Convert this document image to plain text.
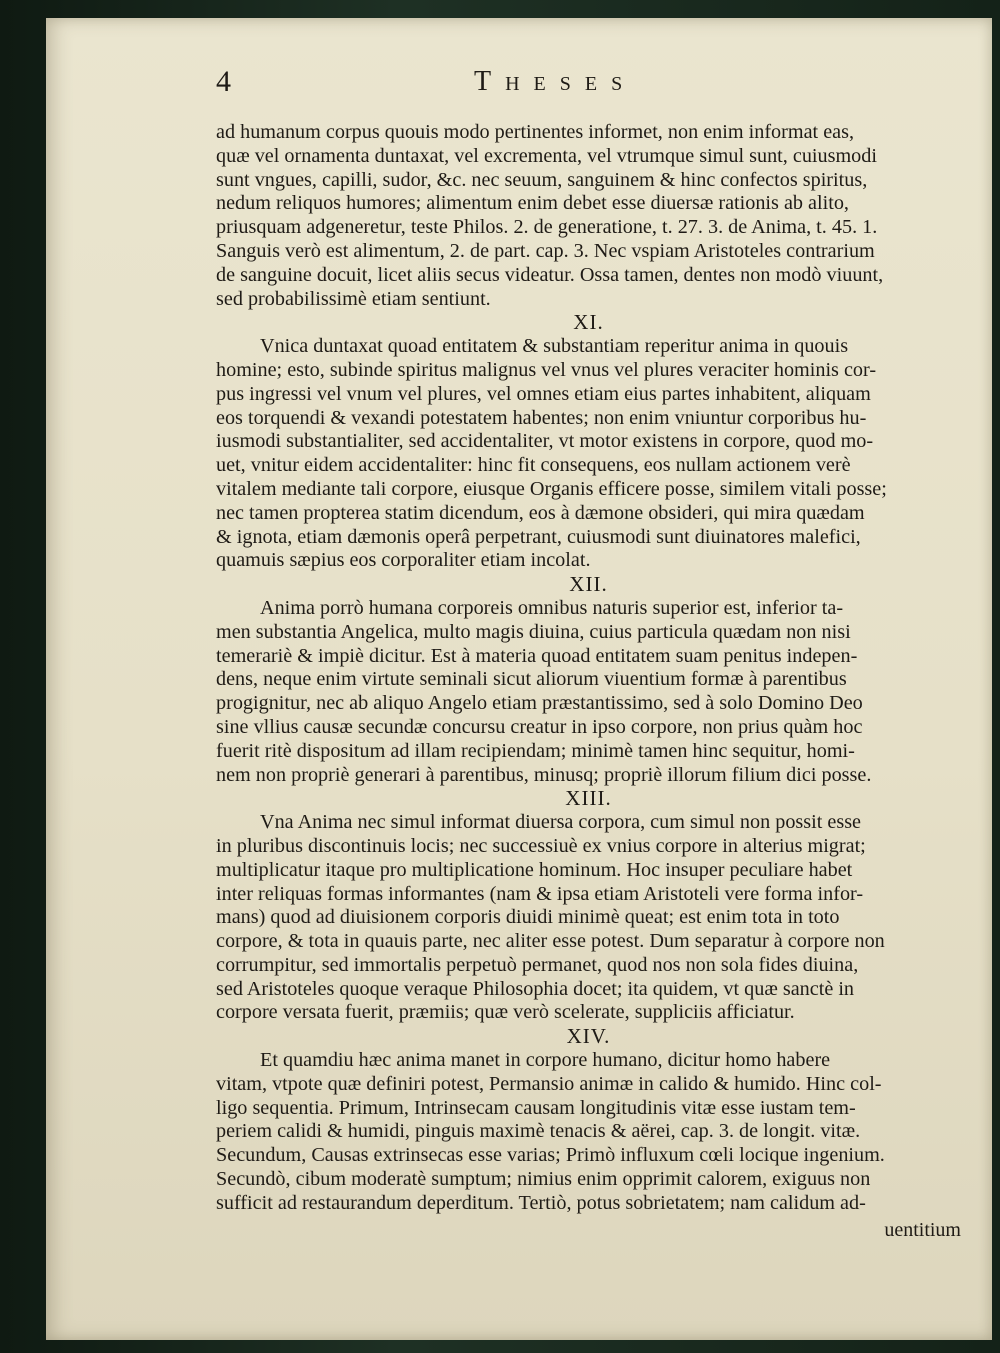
4	Theses
ad humanum corpus quouis modo pertinentes informet, non enim informat eas,
quæ vel ornamenta duntaxat, vel excrementa, vel vtrumque simul sunt, cuiusmodi
sunt vngues, capilli, sudor, &c. nec seuum, sanguinem & hinc confectos spiritus,
nedum reliquos humores; alimentum enim debet esse diuersæ rationis ab alito,
priusquam adgeneretur, teste Philos. 2. de generatione, t. 27. 3. de Anima, t. 45. 1.
Sanguis verò est alimentum, 2. de part. cap. 3. Nec vspiam Aristoteles contrarium
de sanguine docuit, licet aliis secus videatur. Ossa tamen, dentes non modò viuunt,
sed probabilissimè etiam sentiunt.
XI.
Vnica duntaxat quoad entitatem & substantiam reperitur anima in quouis
homine; esto, subinde spiritus malignus vel vnus vel plures veraciter hominis cor-
pus ingressi vel vnum vel plures, vel omnes etiam eius partes inhabitent, aliquam
eos torquendi & vexandi potestatem habentes; non enim vniuntur corporibus hu-
iusmodi substantialiter, sed accidentaliter, vt motor existens in corpore, quod mo-
uet, vnitur eidem accidentaliter: hinc fit consequens, eos nullam actionem verè
vitalem mediante tali corpore, eiusque Organis efficere posse, similem vitali posse;
nec tamen propterea statim dicendum, eos à dæmone obsideri, qui mira quædam
& ignota, etiam dæmonis operâ perpetrant, cuiusmodi sunt diuinatores malefici,
quamuis sæpius eos corporaliter etiam incolat.
XII.
Anima porrò humana corporeis omnibus naturis superior est, inferior ta-
men substantia Angelica, multo magis diuina, cuius particula quædam non nisi
temerariè & impiè dicitur. Est à materia quoad entitatem suam penitus indepen-
dens, neque enim virtute seminali sicut aliorum viuentium formæ à parentibus
progignitur, nec ab aliquo Angelo etiam præstantissimo, sed à solo Domino Deo
sine vllius causæ secundæ concursu creatur in ipso corpore, non prius quàm hoc
fuerit ritè dispositum ad illam recipiendam; minimè tamen hinc sequitur, homi-
nem non propriè generari à parentibus, minusq; propriè illorum filium dici posse.
XIII.
Vna Anima nec simul informat diuersa corpora, cum simul non possit esse
in pluribus discontinuis locis; nec successiuè ex vnius corpore in alterius migrat;
multiplicatur itaque pro multiplicatione hominum. Hoc insuper peculiare habet
inter reliquas formas informantes (nam & ipsa etiam Aristoteli vere forma infor-
mans) quod ad diuisionem corporis diuidi minimè queat; est enim tota in toto
corpore, & tota in quauis parte, nec aliter esse potest. Dum separatur à corpore non
corrumpitur, sed immortalis perpetuò permanet, quod nos non sola fides diuina,
sed Aristoteles quoque veraque Philosophia docet; ita quidem, vt quæ sanctè in
corpore versata fuerit, præmiis; quæ verò scelerate, suppliciis afficiatur.
XIV.
Et quamdiu hæc anima manet in corpore humano, dicitur homo habere
vitam, vtpote quæ definiri potest, Permansio animæ in calido & humido. Hinc col-
ligo sequentia. Primum, Intrinsecam causam longitudinis vitæ esse iustam tem-
periem calidi & humidi, pinguis maximè tenacis & aërei, cap. 3. de longit. vitæ.
Secundum, Causas extrinsecas esse varias; Primò influxum cœli locique ingenium.
Secundò, cibum moderatè sumptum; nimius enim opprimit calorem, exiguus non
sufficit ad restaurandum deperditum. Tertiò, potus sobrietatem; nam calidum ad-
uentitium
